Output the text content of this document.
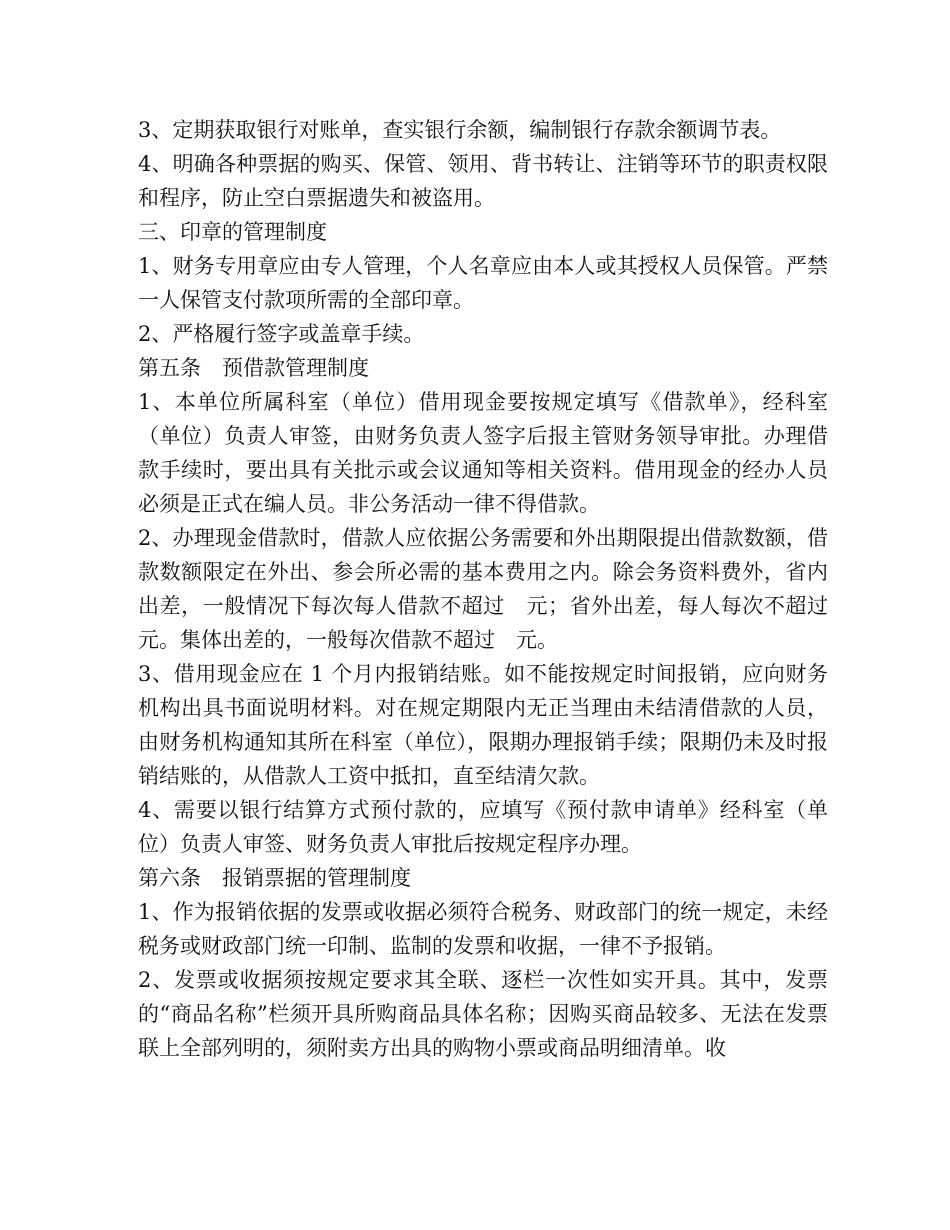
3、定期获取银行对账单，查实银行余额，编制银行存款余额调节表。

4、明确各种票据的购买、保管、领用、背书转让、注销等环节的职责权限和程序，防止空白票据遗失和被盗用。

三、印章的管理制度

1、财务专用章应由专人管理，个人名章应由本人或其授权人员保管。严禁一人保管支付款项所需的全部印章。

2、严格履行签字或盖章手续。

第五条　预借款管理制度

1、本单位所属科室（单位）借用现金要按规定填写《借款单》，经科室（单位）负责人审签，由财务负责人签字后报主管财务领导审批。办理借款手续时，要出具有关批示或会议通知等相关资料。借用现金的经办人员必须是正式在编人员。非公务活动一律不得借款。

2、办理现金借款时，借款人应依据公务需要和外出期限提出借款数额，借款数额限定在外出、参会所必需的基本费用之内。除会务资料费外，省内出差，一般情况下每次每人借款不超过　元；省外出差，每人每次不超过 元。集体出差的，一般每次借款不超过　元。

3、借用现金应在 1 个月内报销结账。如不能按规定时间报销，应向财务机构出具书面说明材料。对在规定期限内无正当理由未结清借款的人员，由财务机构通知其所在科室（单位），限期办理报销手续；限期仍未及时报销结账的，从借款人工资中抵扣，直至结清欠款。

4、需要以银行结算方式预付款的，应填写《预付款申请单》经科室（单位）负责人审签、财务负责人审批后按规定程序办理。

第六条　报销票据的管理制度

1、作为报销依据的发票或收据必须符合税务、财政部门的统一规定，未经税务或财政部门统一印制、监制的发票和收据，一律不予报销。

2、发票或收据须按规定要求其全联、逐栏一次性如实开具。其中，发票的“商品名称”栏须开具所购商品具体名称；因购买商品较多、无法在发票联上全部列明的，须附卖方出具的购物小票或商品明细清单。收
